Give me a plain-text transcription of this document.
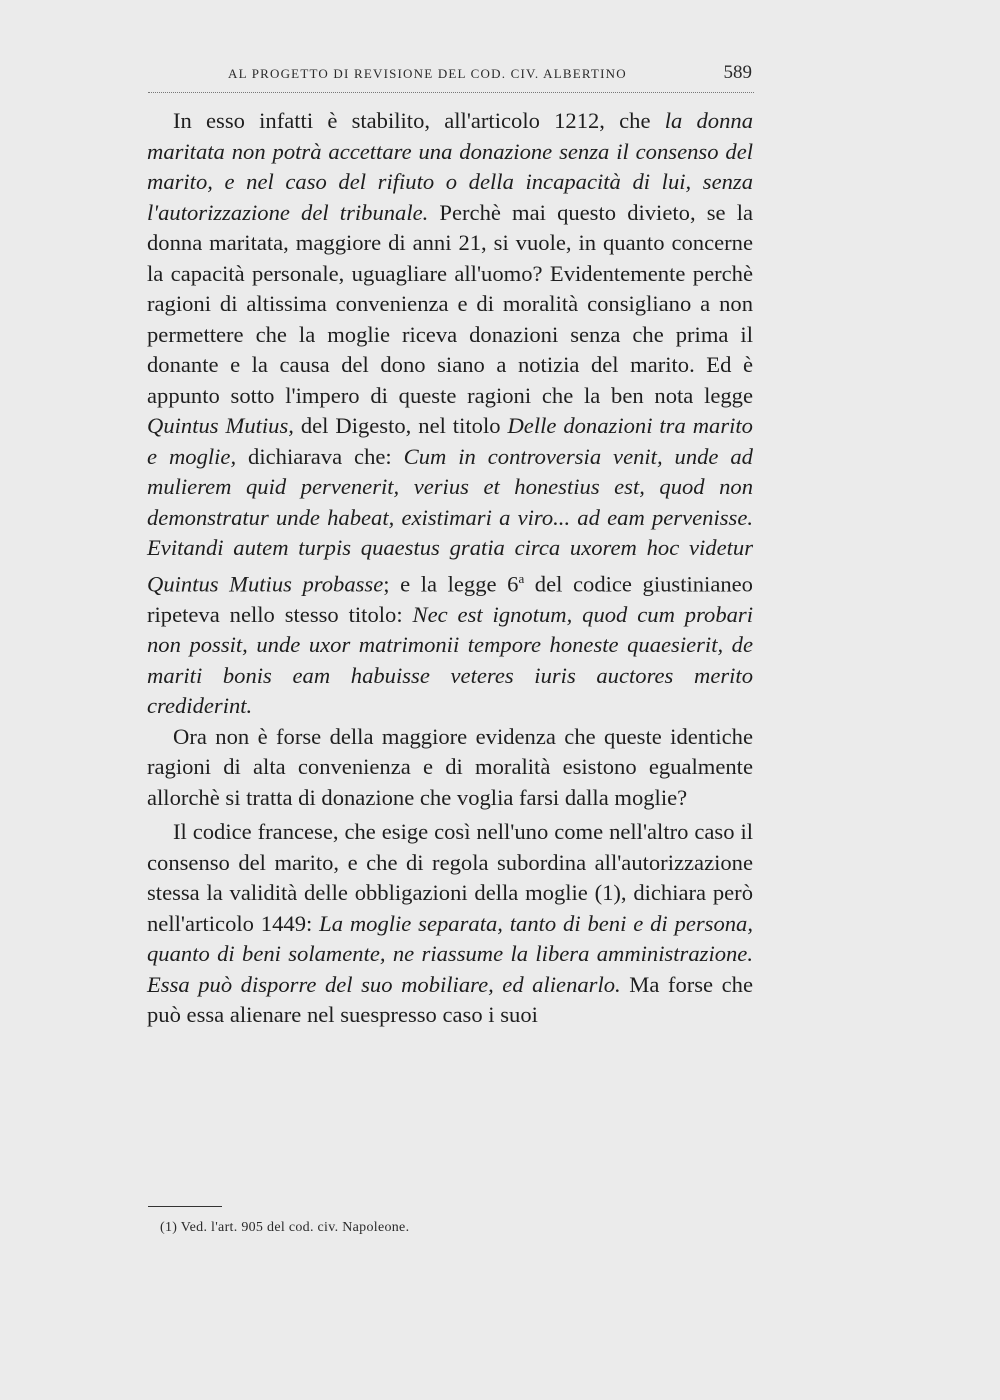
AL PROGETTO DI REVISIONE DEL COD. CIV. ALBERTINO	589

In esso infatti è stabilito, all'articolo 1212, che la donna maritata non potrà accettare una donazione senza il consenso del marito, e nel caso del rifiuto o della incapacità di lui, senza l'autorizzazione del tribunale. Perchè mai questo divieto, se la donna maritata, maggiore di anni 21, si vuole, in quanto concerne la capacità personale, uguagliare all'uomo? Evidentemente perchè ragioni di altissima convenienza e di moralità consigliano a non permettere che la moglie riceva donazioni senza che prima il donante e la causa del dono siano a notizia del marito. Ed è appunto sotto l'impero di queste ragioni che la ben nota legge Quintus Mutius, del Digesto, nel titolo Delle donazioni tra marito e moglie, dichiarava che: Cum in controversia venit, unde ad mulierem quid pervenerit, verius et honestius est, quod non demonstratur unde habeat, existimari a viro... ad eam pervenisse. Evitandi autem turpis quaestus gratia circa uxorem hoc videtur Quintus Mutius probasse; e la legge 6$^a$ del codice giustinianeo ripeteva nello stesso titolo: Nec est ignotum, quod cum probari non possit, unde uxor matrimonii tempore honeste quaesierit, de mariti bonis eam habuisse veteres iuris auctores merito crediderint.

Ora non è forse della maggiore evidenza che queste identiche ragioni di alta convenienza e di moralità esistono egualmente allorchè si tratta di donazione che voglia farsi dalla moglie?

Il codice francese, che esige così nell'uno come nell'altro caso il consenso del marito, e che di regola subordina all'autorizzazione stessa la validità delle obbligazioni della moglie (1), dichiara però nell'articolo 1449: La moglie separata, tanto di beni e di persona, quanto di beni solamente, ne riassume la libera amministrazione. Essa può disporre del suo mobiliare, ed alienarlo. Ma forse che può essa alienare nel suespresso caso i suoi

(1) Ved. l'art. 905 del cod. civ. Napoleone.
